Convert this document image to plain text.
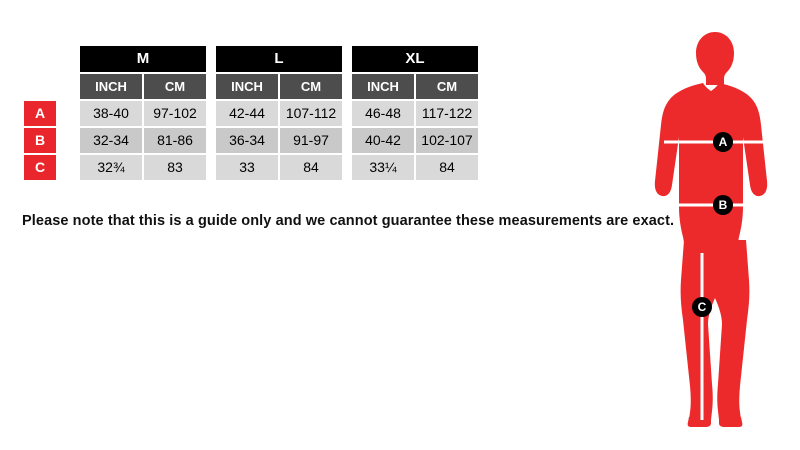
	M			L			XL	
	INCH	CM		INCH	CM		INCH	CM

A	38-40	97-102		42-44	107-112		46-48	117-122

B	32-34	81-86		36-34	91-97		40-42	102-107

C	32¾	83		33	84		33¼	84
Please note that this is a guide only and we cannot guarantee these measurements are exact.
A
B
C
